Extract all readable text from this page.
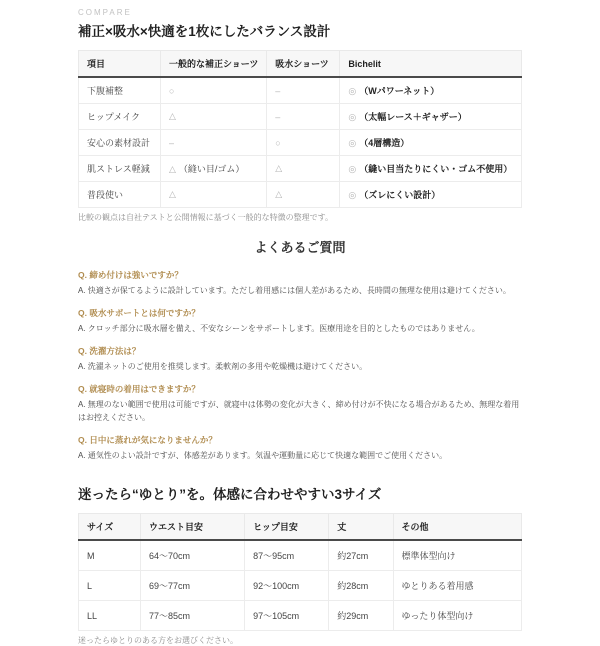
COMPARE
補正×吸水×快適を1枚にしたバランス設計
項目	一般的な補正ショーツ	吸水ショーツ	Bichelit
下腹補整	○	–	◎ （Wパワーネット）
ヒップメイク	△	–	◎ （太幅レース＋ギャザー）
安心の素材設計	–	○	◎ （4層構造）
肌ストレス軽減	△ （縫い目/ゴム）	△	◎ （縫い目当たりにくい・ゴム不使用）
普段使い	△	△	◎ （ズレにくい設計）
比較の観点は自社テストと公開情報に基づく一般的な特徴の整理です。
よくあるご質問
Q. 締め付けは強いですか？
A. 快適さが保てるように設計しています。ただし着用感には個人差があるため、長時間の無理な使用は避けてください。
Q. 吸水サポートとは何ですか？
A. クロッチ部分に吸水層を備え、不安なシーンをサポートします。医療用途を目的としたものではありません。
Q. 洗濯方法は？
A. 洗濯ネットのご使用を推奨します。柔軟剤の多用や乾燥機は避けてください。
Q. 就寝時の着用はできますか？
A. 無理のない範囲で使用は可能ですが、就寝中は体勢の変化が大きく、締め付けが不快になる場合があるため、無理な着用はお控えください。
Q. 日中に蒸れが気になりませんか？
A. 通気性のよい設計ですが、体感差があります。気温や運動量に応じて快適な範囲でご使用ください。
迷ったら“ゆとり”を。体感に合わせやすい3サイズ
サイズ	ウエスト目安	ヒップ目安	丈	その他
M	64〜70cm	87〜95cm	約27cm	標準体型向け
L	69〜77cm	92〜100cm	約28cm	ゆとりある着用感
LL	77〜85cm	97〜105cm	約29cm	ゆったり体型向け
迷ったらゆとりのある方をお選びください。
